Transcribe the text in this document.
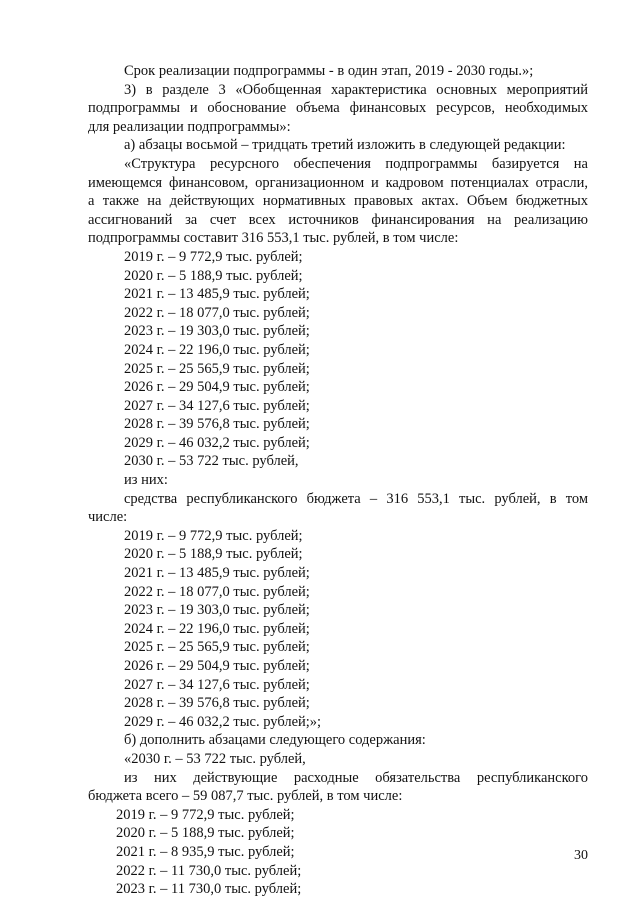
Срок реализации подпрограммы - в один этап, 2019 - 2030 годы.»;
3) в разделе 3 «Обобщенная характеристика основных мероприятий
подпрограммы и обоснование объема финансовых ресурсов, необходимых
для реализации подпрограммы»:
а) абзацы восьмой – тридцать третий изложить в следующей редакции:
«Структура ресурсного обеспечения подпрограммы базируется на
имеющемся финансовом, организационном и кадровом потенциалах отрасли,
а также на действующих нормативных правовых актах. Объем бюджетных
ассигнований за счет всех источников финансирования на реализацию
подпрограммы составит 316 553,1 тыс. рублей, в том числе:
2019 г. – 9 772,9 тыс. рублей;
2020 г. – 5 188,9 тыс. рублей;
2021 г. – 13 485,9 тыс. рублей;
2022 г. – 18 077,0 тыс. рублей;
2023 г. – 19 303,0 тыс. рублей;
2024 г. – 22 196,0 тыс. рублей;
2025 г. – 25 565,9 тыс. рублей;
2026 г. – 29 504,9 тыс. рублей;
2027 г. – 34 127,6 тыс. рублей;
2028 г. – 39 576,8 тыс. рублей;
2029 г. – 46 032,2 тыс. рублей;
2030 г. – 53 722 тыс. рублей,
из них:
средства республиканского бюджета – 316 553,1 тыс. рублей, в том
числе:
2019 г. – 9 772,9 тыс. рублей;
2020 г. – 5 188,9 тыс. рублей;
2021 г. – 13 485,9 тыс. рублей;
2022 г. – 18 077,0 тыс. рублей;
2023 г. – 19 303,0 тыс. рублей;
2024 г. – 22 196,0 тыс. рублей;
2025 г. – 25 565,9 тыс. рублей;
2026 г. – 29 504,9 тыс. рублей;
2027 г. – 34 127,6 тыс. рублей;
2028 г. – 39 576,8 тыс. рублей;
2029 г. – 46 032,2 тыс. рублей;»;
б) дополнить абзацами следующего содержания:
«2030 г. – 53 722 тыс. рублей,
из них действующие расходные обязательства республиканского
бюджета всего – 59 087,7 тыс. рублей, в том числе:
2019 г. – 9 772,9 тыс. рублей;
2020 г. – 5 188,9 тыс. рублей;
2021 г. – 8 935,9 тыс. рублей;
2022 г. – 11 730,0 тыс. рублей;
2023 г. – 11 730,0 тыс. рублей;
30
